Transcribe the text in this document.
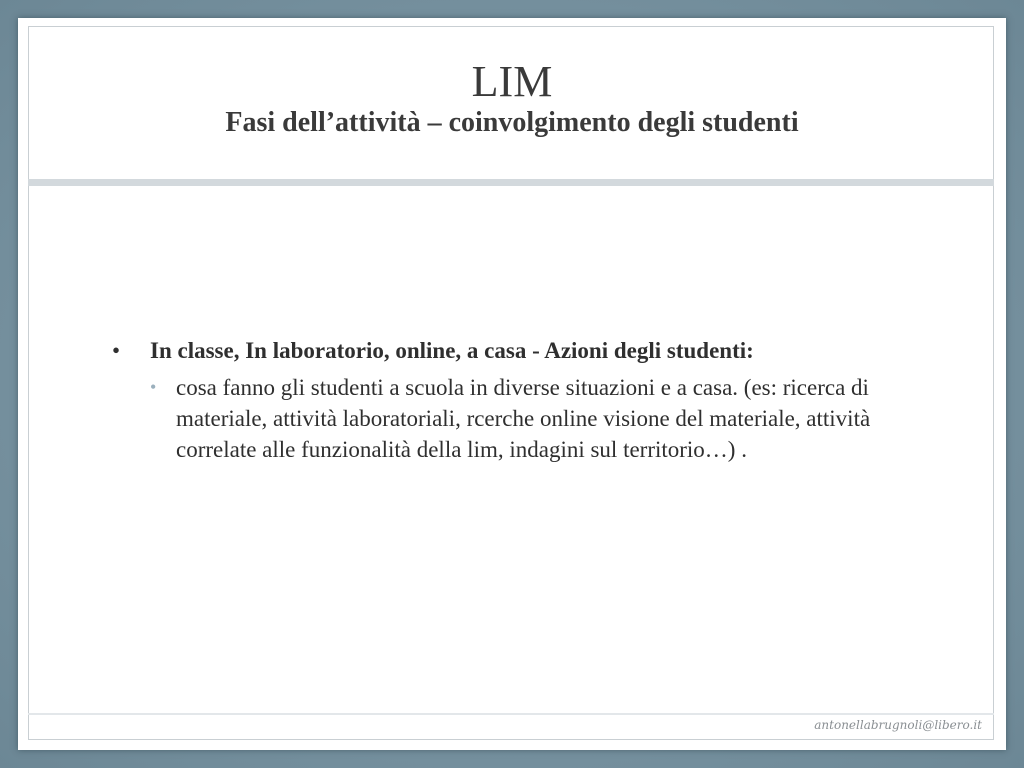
LIM
Fasi dell’attività – coinvolgimento degli studenti
• In classe, In laboratorio, online, a casa - Azioni degli studenti:
• cosa fanno gli studenti a scuola in diverse situazioni e a casa. (es: ricerca di materiale, attività laboratoriali, rcerche online visione del materiale, attività correlate alle funzionalità della lim, indagini sul territorio…) .
antonellabrugnoli@libero.it
